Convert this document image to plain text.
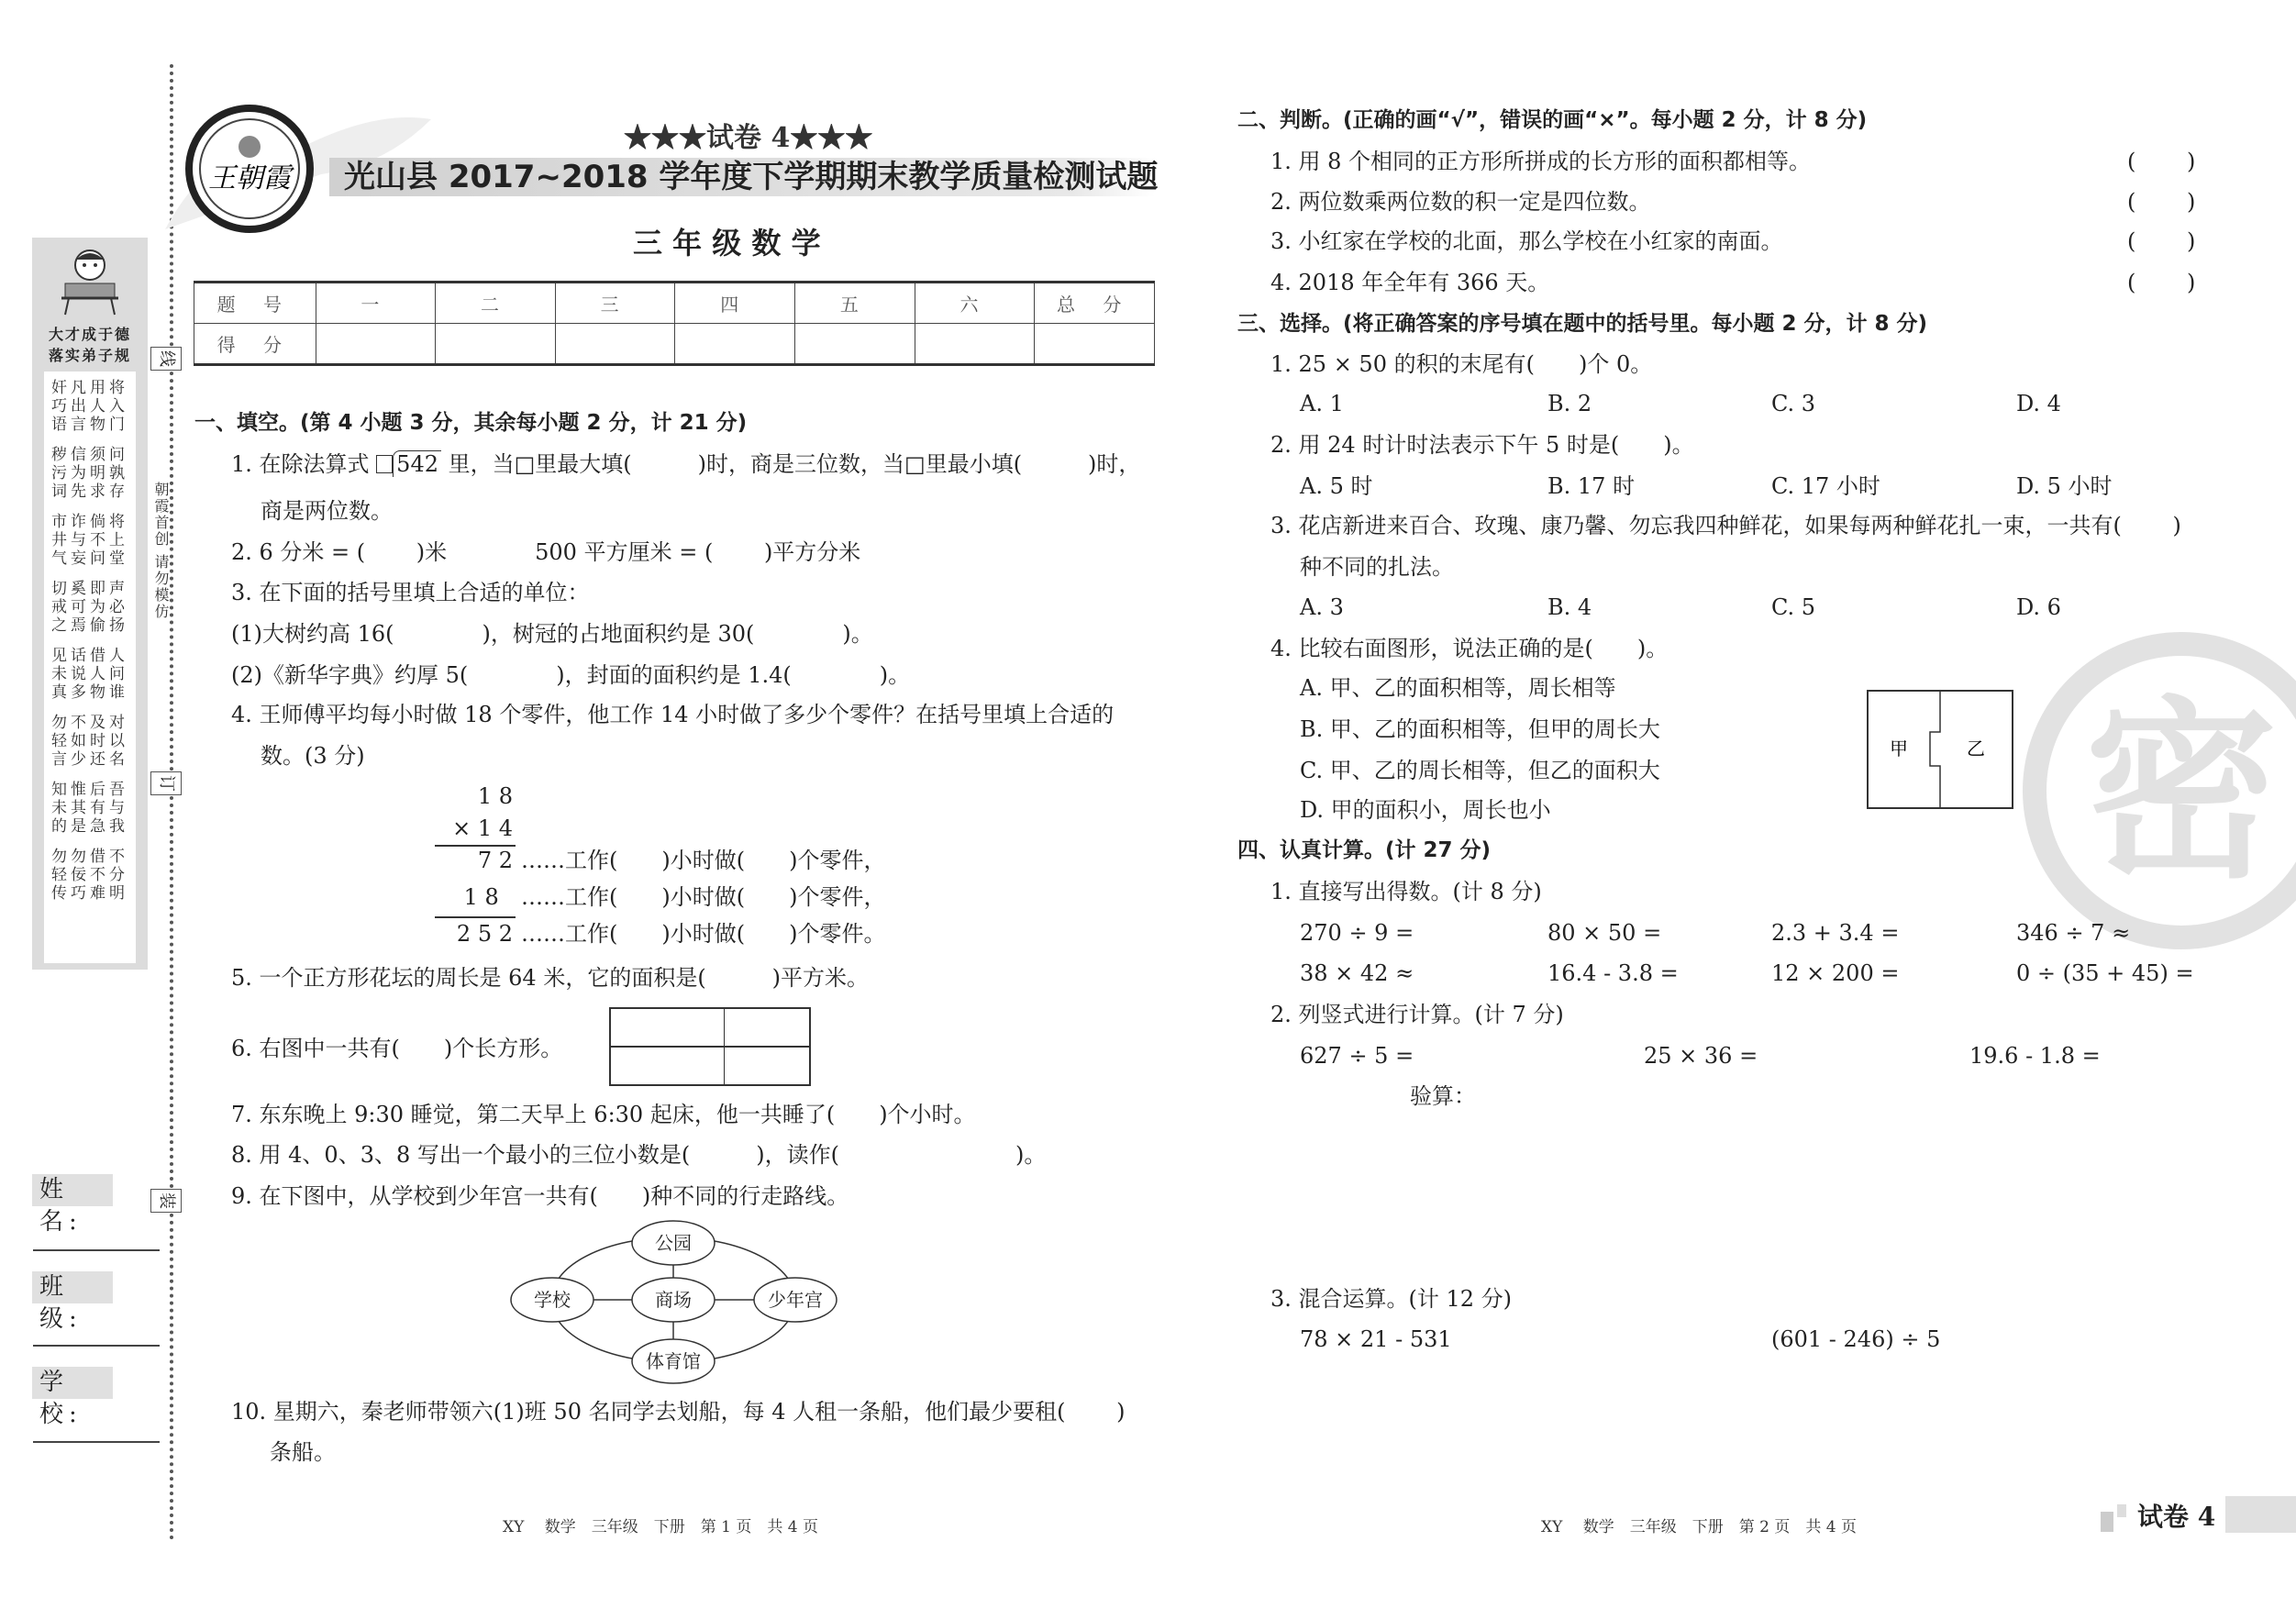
大才成于德
落实弟子规
奸凡用将
巧出人入
语言物门
秽信须问
污为明孰
词先求存
市诈倘将
井与不上
气妄问堂
切奚即声
戒可为必
之焉偷扬
见话借人
未说人问
真多物谁
勿不及对
轻如时以
言少还名
知惟后吾
未其有与
的是急我
勿勿借不
轻佞不分
传巧难明
线
订
装
朝霞首创 请勿模仿
姓 名:
班 级:
学 校:
王朝霞
★★★试卷 4★★★
光山县 2017~2018 学年度下学期期末教学质量检测试题
三 年 级 数 学
题 号	一	二	三	四	五	六	总 分
得 分							
一、填空。(第 4 小题 3 分，其余每小题 2 分，计 21 分)
1. 在除法算式 542 里，当□里最大填(　　　)时，商是三位数，当□里最小填(　　　)时，
商是两位数。
2. 6 分米 = (　　 )米　　　　500 平方厘米 = (　　 )平方分米
3. 在下面的括号里填上合适的单位：
(1)大树约高 16(　　　　)，树冠的占地面积约是 30(　　　　)。
(2)《新华字典》约厚 5(　　　　)，封面的面积约是 1.4(　　　　)。
4. 王师傅平均每小时做 18 个零件，他工作 14 小时做了多少个零件？在括号里填上合适的
数。(3 分)
1 8
× 1 4
7 2
1 8
2 5 2
……工作(　　)小时做(　　)个零件，
……工作(　　)小时做(　　)个零件，
……工作(　　)小时做(　　)个零件。
5. 一个正方形花坛的周长是 64 米，它的面积是(　　　)平方米。
6. 右图中一共有(　　)个长方形。
7. 东东晚上 9:30 睡觉，第二天早上 6:30 起床，他一共睡了(　　)个小时。
8. 用 4、0、3、8 写出一个最小的三位小数是(　　　)，读作(　　　　　　　　)。
9. 在下图中，从学校到少年宫一共有(　　)种不同的行走路线。
公园
学校	商场	少年宫
体育馆
10. 星期六，秦老师带领六(1)班 50 名同学去划船，每 4 人租一条船，他们最少要租(　　 )
条船。
XY　 数学　三年级　下册　第 1 页　共 4 页
密
二、判断。(正确的画“√”，错误的画“×”。每小题 2 分，计 8 分)
1. 用 8 个相同的正方形所拼成的长方形的面积都相等。	(　　 )
2. 两位数乘两位数的积一定是四位数。	(　　 )
3. 小红家在学校的北面，那么学校在小红家的南面。	(　　 )
4. 2018 年全年有 366 天。	(　　 )
三、选择。(将正确答案的序号填在题中的括号里。每小题 2 分，计 8 分)
1. 25 × 50 的积的末尾有(　　)个 0。
A. 1	B. 2	C. 3	D. 4
2. 用 24 时计时法表示下午 5 时是(　　)。
A. 5 时	B. 17 时	C. 17 小时	D. 5 小时
3. 花店新进来百合、玫瑰、康乃馨、勿忘我四种鲜花，如果每两种鲜花扎一束，一共有(　　 )
种不同的扎法。
A. 3	B. 4	C. 5	D. 6
4. 比较右面图形，说法正确的是(　　)。
A. 甲、乙的面积相等，周长相等
B. 甲、乙的面积相等，但甲的周长大
C. 甲、乙的周长相等，但乙的面积大
D. 甲的面积小，周长也小
甲	乙
四、认真计算。(计 27 分)
1. 直接写出得数。(计 8 分)
270 ÷ 9 =	80 × 50 =	2.3 + 3.4 =	346 ÷ 7 ≈
38 × 42 ≈	16.4 - 3.8 =	12 × 200 =	0 ÷ (35 + 45) =
2. 列竖式进行计算。(计 7 分)
627 ÷ 5 =	25 × 36 =	19.6 - 1.8 =
验算：
3. 混合运算。(计 12 分)
78 × 21 - 531	(601 - 246) ÷ 5
XY　 数学　三年级　下册　第 2 页　共 4 页	试卷 4
